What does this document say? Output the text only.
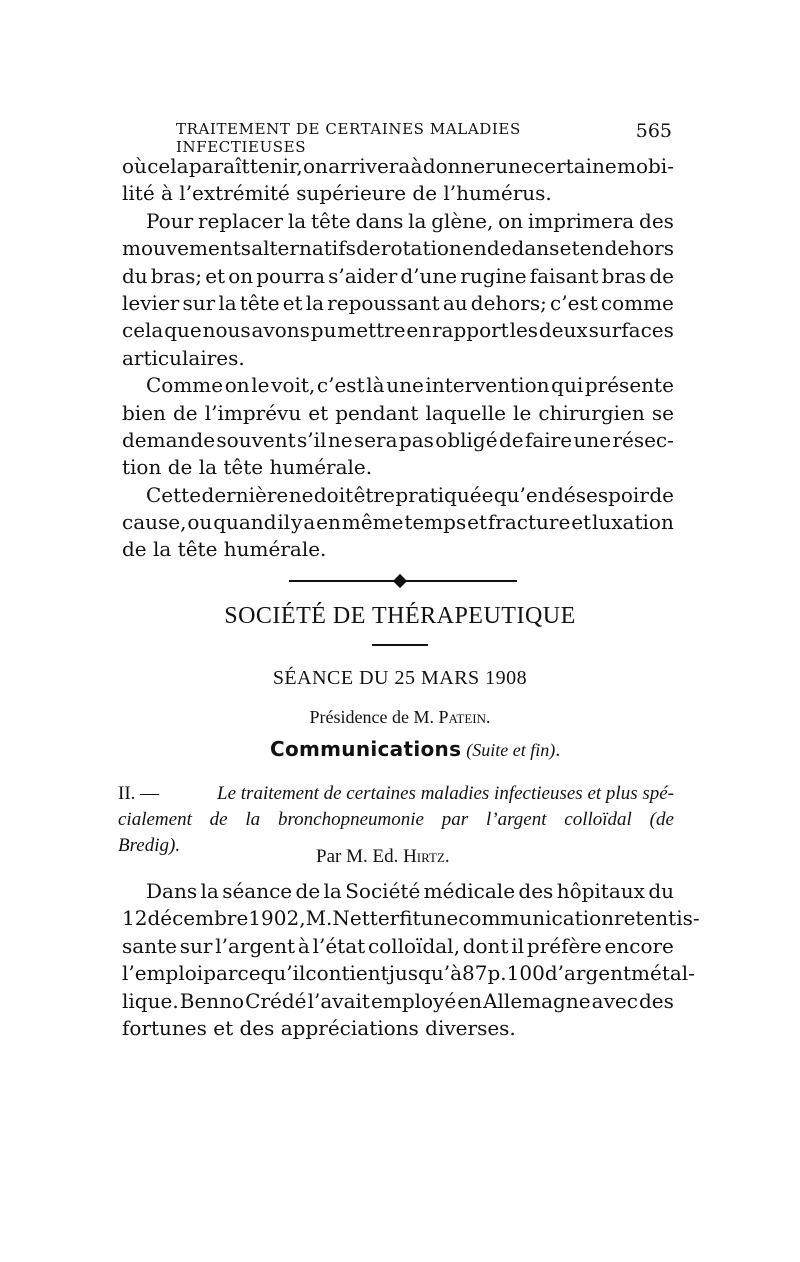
TRAITEMENT DE CERTAINES MALADIES INFECTIEUSES
565
où cela paraît tenir, on arrivera à donner une certaine mobi-
lité à l’extrémité supérieure de l’humérus.
Pour replacer la tête dans la glène, on imprimera des
mouvements alternatifs de rotation en dedans et en dehors
du bras; et on pourra s’aider d’une rugine faisant bras de
levier sur la tête et la repoussant au dehors; c’est comme
cela que nous avons pu mettre en rapport les deux surfaces
articulaires.
Comme on le voit, c’est là une intervention qui présente
bien de l’imprévu et pendant laquelle le chirurgien se
demande souvent s’il ne sera pas obligé de faire une résec-
tion de la tête humérale.
Cette dernière ne doit être pratiquée qu’en désespoir de
cause, ou quand il y a en même temps et fracture et luxation
de la tête humérale.
SOCIÉTÉ DE THÉRAPEUTIQUE
SÉANCE DU 25 MARS 1908
Présidence de M. Patein.
Communications (Suite et fin).
II. —	Le traitement de certaines maladies infectieuses et plus spé-
cialement de la bronchopneumonie par l’argent colloïdal (de
Bredig).
Par M. Ed. Hirtz.
Dans la séance de la Société médicale des hôpitaux du
12 décembre 1902, M. Netter fit une communication retentis-
sante sur l’argent à l’état colloïdal, dont il préfère encore
l’emploi parce qu’il contient jusqu’à 87 p. 100 d’argent métal-
lique. Benno Crédé l’avait employé en Allemagne avec des
fortunes et des appréciations diverses.
